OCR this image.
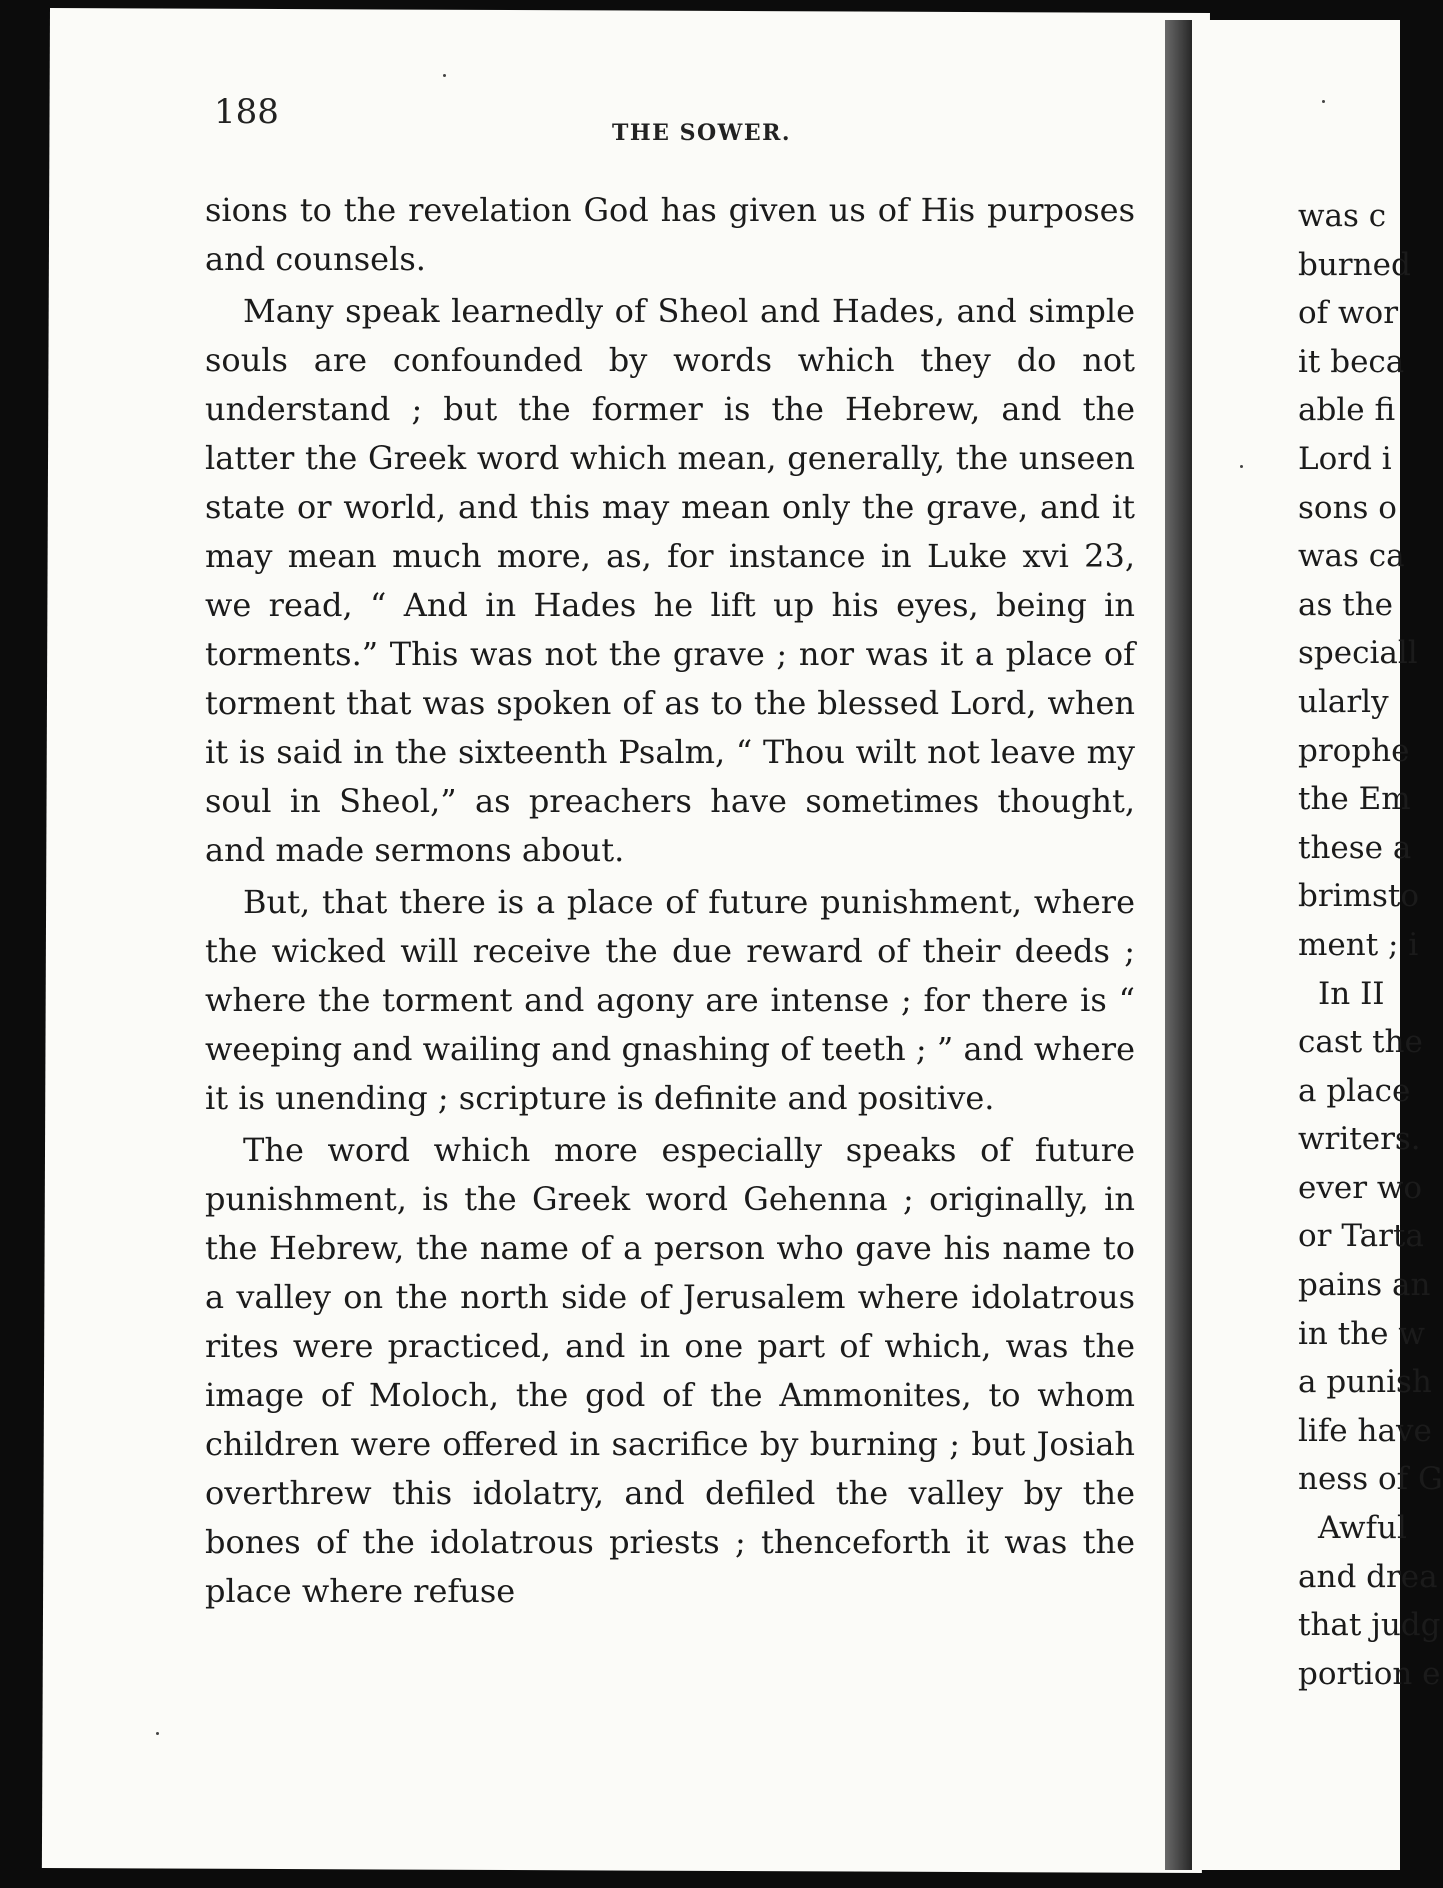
188
THE SOWER.

sions to the revelation God has given us of His purposes and counsels.

Many speak learnedly of Sheol and Hades, and simple souls are confounded by words which they do not understand ; but the former is the Hebrew, and the latter the Greek word which mean, generally, the unseen state or world, and this may mean only the grave, and it may mean much more, as, for instance in Luke xvi 23, we read, “ And in Hades he lift up his eyes, being in torments.” This was not the grave ; nor was it a place of torment that was spoken of as to the blessed Lord, when it is said in the sixteenth Psalm, “ Thou wilt not leave my soul in Sheol,” as preachers have sometimes thought, and made sermons about.

But, that there is a place of future punishment, where the wicked will receive the due reward of their deeds ; where the torment and agony are intense ; for there is “ weeping and wailing and gnashing of teeth ; ” and where it is unending ; scripture is definite and positive.

The word which more especially speaks of future punishment, is the Greek word Gehenna ; originally, in the Hebrew, the name of a person who gave his name to a valley on the north side of Jerusalem where idolatrous rites were practiced, and in one part of which, was the image of Moloch, the god of the Ammonites, to whom children were offered in sacrifice by burning ; but Josiah overthrew this idolatry, and defiled the valley by the bones of the idolatrous priests ; thenceforth it was the place where refuse

was c
burned
of wor
it beca
able fi
Lord i
sons o
was ca
as the
speciall
ularly
prophe
the Em
these a
brimsto
ment ; i
In II
cast the
a place
writers.
ever wo
or Tarta
pains an
in the w
a punish
life have
ness of G
Awful
and drea
that judg
portion e
